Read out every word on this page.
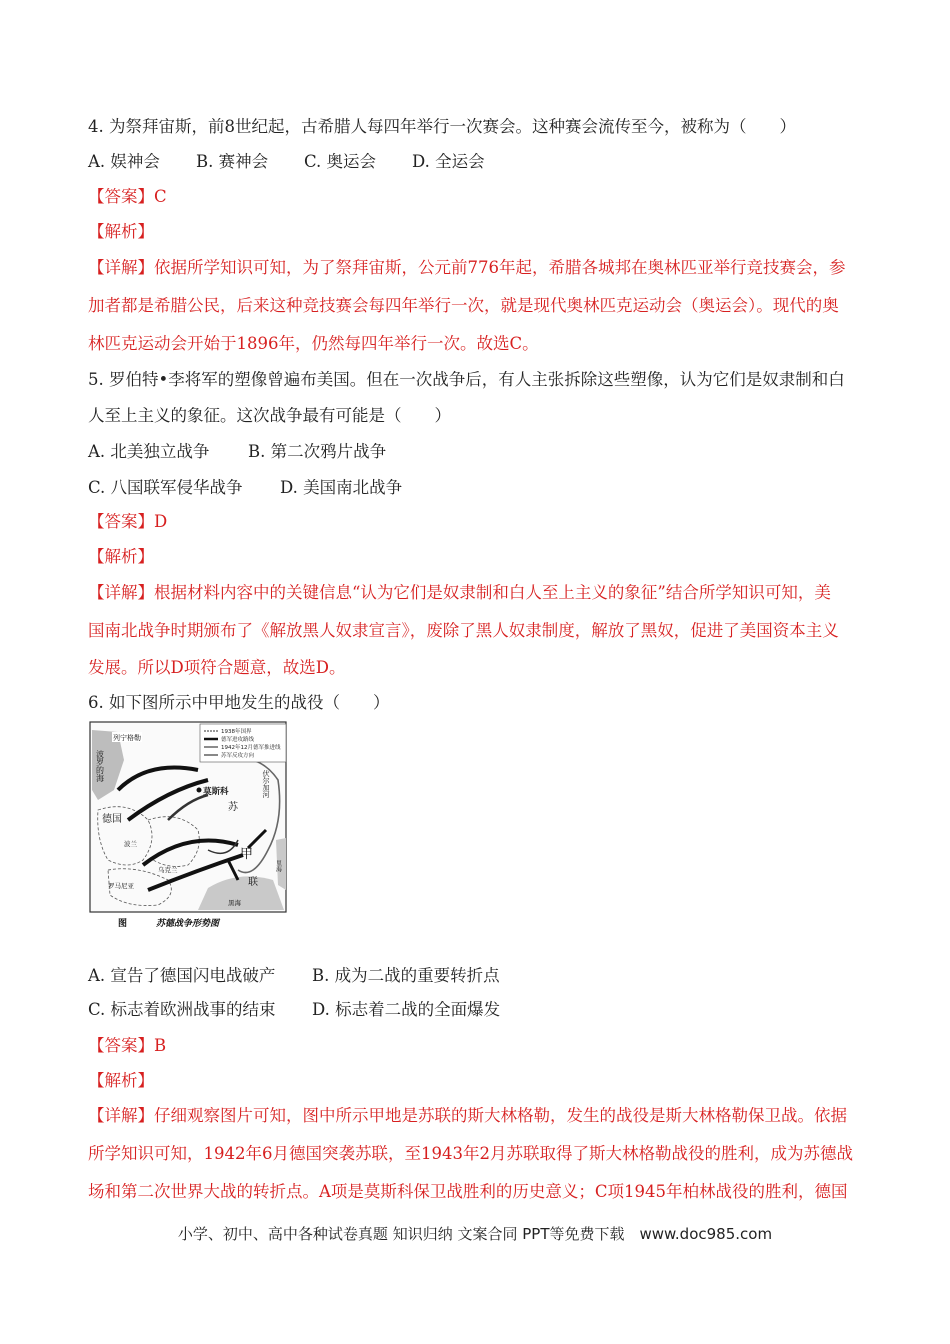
4. 为祭拜宙斯，前8世纪起，古希腊人每四年举行一次赛会。这种赛会流传至今，被称为（　　）
A. 娱神会 B. 赛神会 C. 奥运会 D. 全运会
【答案】C
【解析】
【详解】依据所学知识可知，为了祭拜宙斯，公元前776年起，希腊各城邦在奥林匹亚举行竞技赛会，参
加者都是希腊公民，后来这种竞技赛会每四年举行一次，就是现代奥林匹克运动会（奥运会）。现代的奥
林匹克运动会开始于1896年，仍然每四年举行一次。故选C。
5. 罗伯特•李将军的塑像曾遍布美国。但在一次战争后，有人主张拆除这些塑像，认为它们是奴隶制和白
人至上主义的象征。这次战争最有可能是（　　）
A. 北美独立战争 B. 第二次鸦片战争
C. 八国联军侵华战争 D. 美国南北战争
【答案】D
【解析】
【详解】根据材料内容中的关键信息“认为它们是奴隶制和白人至上主义的象征”结合所学知识可知，美
国南北战争时期颁布了《解放黑人奴隶宣言》，废除了黑人奴隶制度，解放了黑奴，促进了美国资本主义
发展。所以D项符合题意，故选D。
6. 如下图所示中甲地发生的战役（　　）
1938年国界
德军进攻路线
1942年12月德军推进线
苏军反攻方向
波罗的海
列宁格勒
莫斯科	伏尔加河
苏
甲
联
德国
波兰
乌克兰
罗马尼亚
黑海
里海
图	苏德战争形势图
A. 宣告了德国闪电战破产 B. 成为二战的重要转折点
C. 标志着欧洲战事的结束 D. 标志着二战的全面爆发
【答案】B
【解析】
【详解】仔细观察图片可知，图中所示甲地是苏联的斯大林格勒，发生的战役是斯大林格勒保卫战。依据
所学知识可知，1942年6月德国突袭苏联，至1943年2月苏联取得了斯大林格勒战役的胜利，成为苏德战
场和第二次世界大战的转折点。A项是莫斯科保卫战胜利的历史意义；C项1945年柏林战役的胜利，德国
小学、初中、高中各种试卷真题 知识归纳 文案合同 PPT等免费下载　www.doc985.com
